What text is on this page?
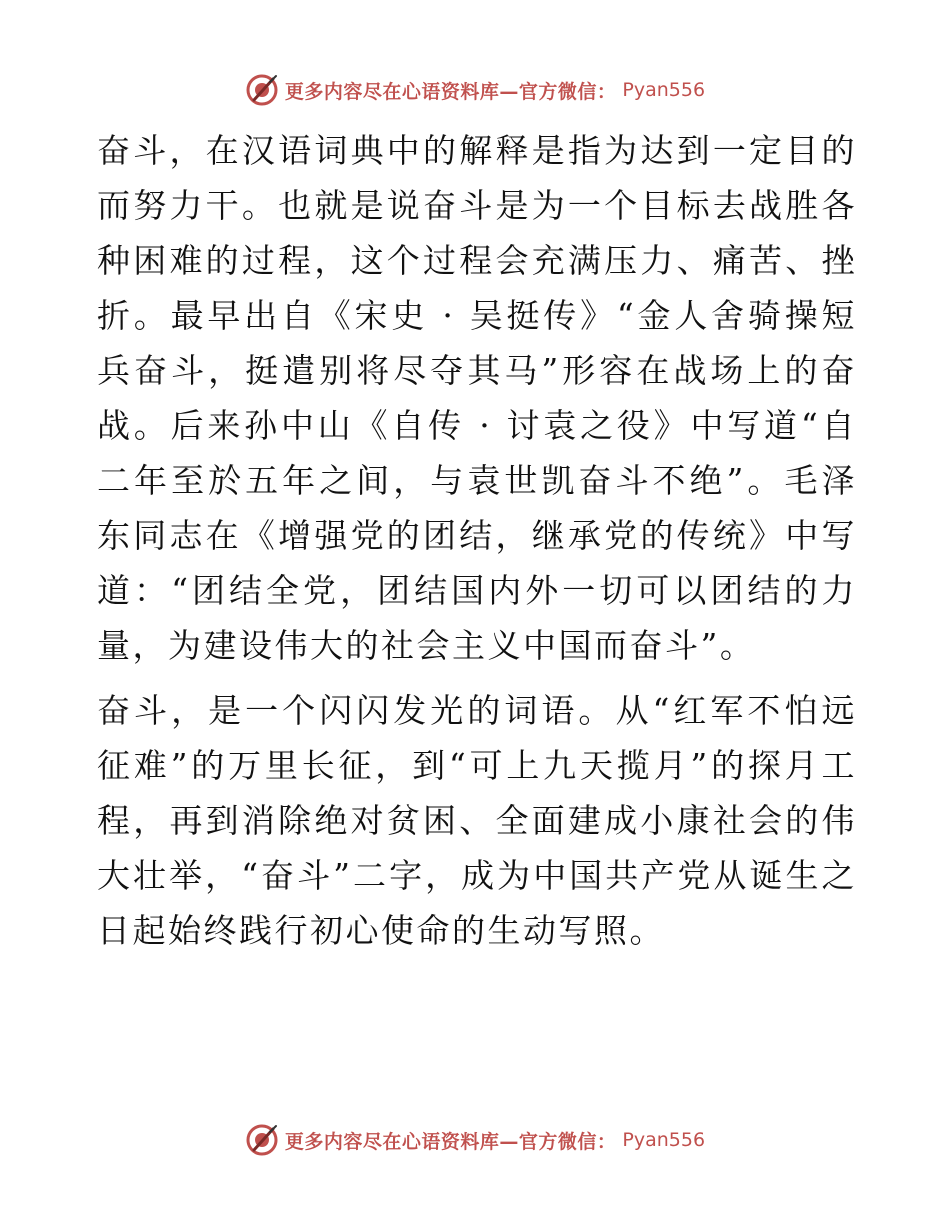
更多内容尽在心语资料库—官方微信： Pyan556

奋斗，在汉语词典中的解释是指为达到一定目的而努力干。也就是说奋斗是为一个目标去战胜各种困难的过程，这个过程会充满压力、痛苦、挫折。最早出自《宋史 · 吴挺传》“金人舍骑操短兵奋斗，挺遣别将尽夺其马”形容在战场上的奋战。后来孙中山《自传 · 讨袁之役》中写道“自二年至於五年之间，与袁世凯奋斗不绝”。毛泽东同志在《增强党的团结，继承党的传统》中写道：“团结全党，团结国内外一切可以团结的力量，为建设伟大的社会主义中国而奋斗”。

奋斗，是一个闪闪发光的词语。从“红军不怕远征难”的万里长征，到“可上九天揽月”的探月工程，再到消除绝对贫困、全面建成小康社会的伟大壮举，“奋斗”二字，成为中国共产党从诞生之日起始终践行初心使命的生动写照。

更多内容尽在心语资料库—官方微信： Pyan556
